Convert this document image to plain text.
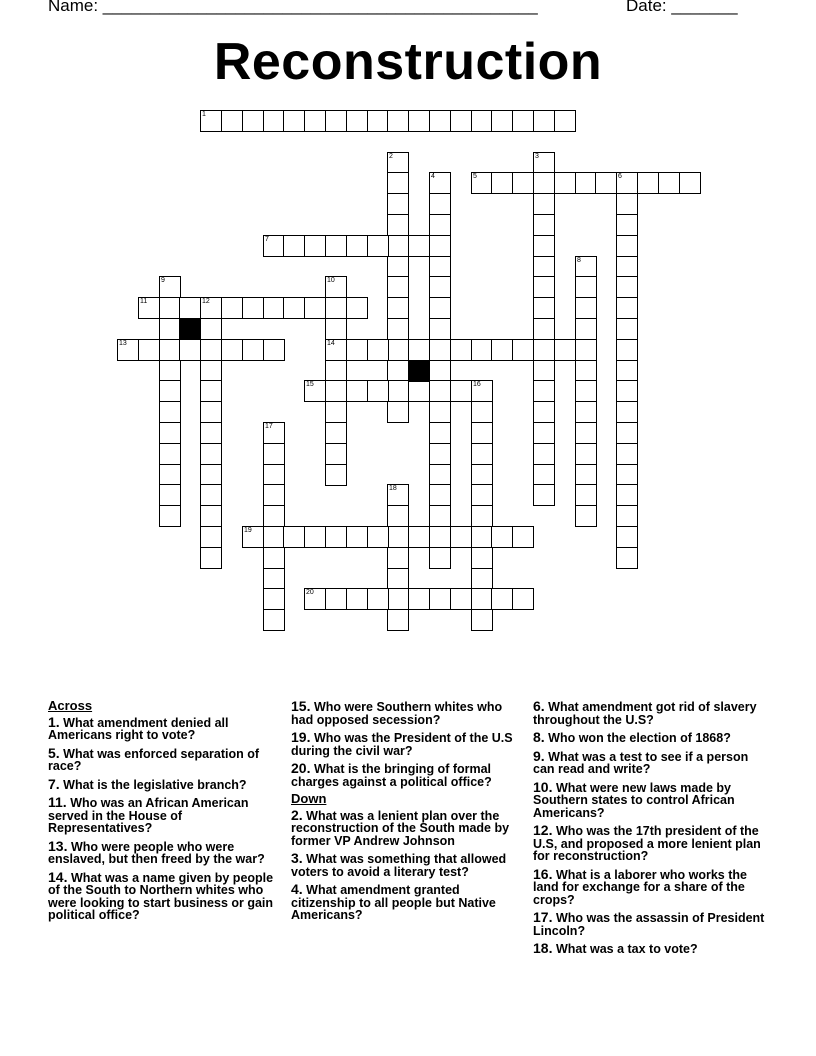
Name: ______________________________________________	Date: _______
Reconstruction
1
2	3
4	5	6
7
8
9	10
14
11	12
13
15	16
17
18
19
20
Across
1. What amendment denied all Americans right to vote?
5. What was enforced separation of race?
7. What is the legislative branch?
11. Who was an African American served in the House of Representatives?
13. Who were people who were enslaved, but then freed by the war?
14. What was a name given by people of the South to Northern whites who were looking to start business or gain political office?
15. Who were Southern whites who had opposed secession?
19. Who was the President of the U.S during the civil war?
20. What is the bringing of formal charges against a political office?
Down
2. What was a lenient plan over the reconstruction of the South made by former VP Andrew Johnson
3. What was something that allowed voters to avoid a literary test?
4. What amendment granted citizenship to all people but Native Americans?
6. What amendment got rid of slavery throughout the U.S?
8. Who won the election of 1868?
9. What was a test to see if a person can read and write?
10. What were new laws made by Southern states to control African Americans?
12. Who was the 17th president of the U.S, and proposed a more lenient plan for reconstruction?
16. What is a laborer who works the land for exchange for a share of the crops?
17. Who was the assassin of President Lincoln?
18. What was a tax to vote?
